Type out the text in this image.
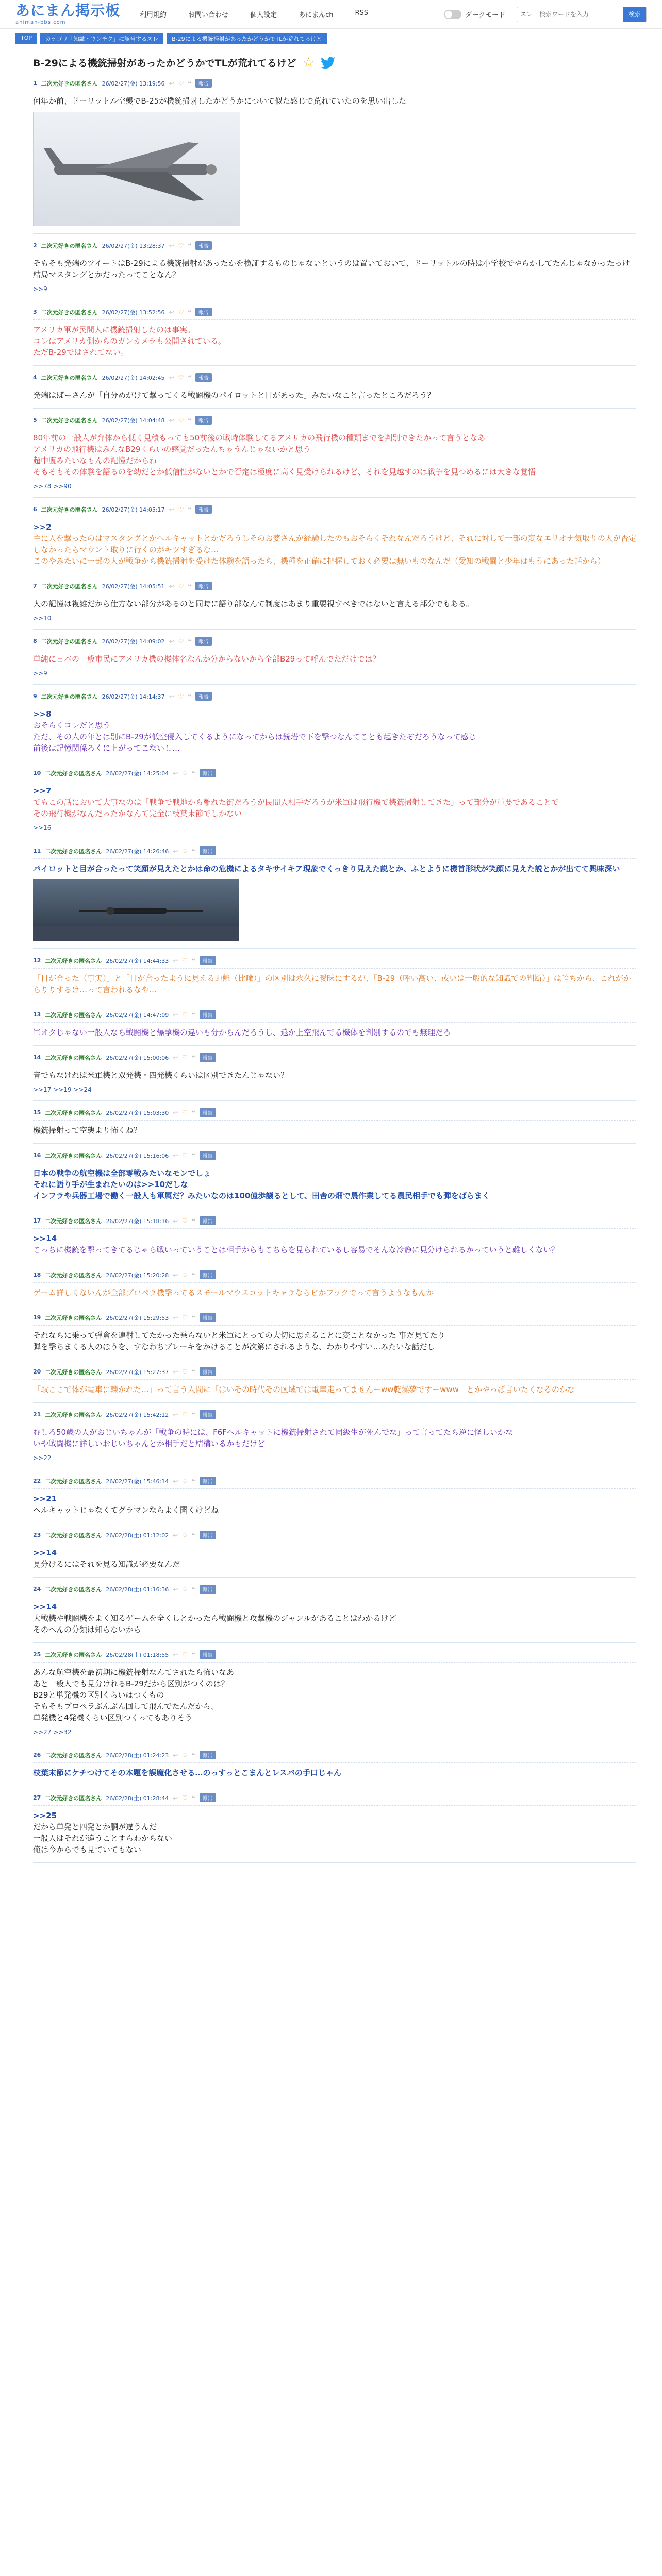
あにまん掲示板
animan-bbs.com
利用規約	お問い合わせ	個人設定	あにまんch	RSS	ダークモード	スレ
検索ワードを入力	検索
TOP	カテゴリ「知識・ウンチク」に該当するスレ	B-29による機銃掃射があったかどうかでTLが荒れてるけど
B-29による機銃掃射があったかどうかでTLが荒れてるけど ☆
1 二次元好きの匿名さん 26/02/27(金) 13:19:56 ↩ ♡ ❝	報告

何年か前、ドーリットル空襲でB-25が機銃掃射したかどうかについて似た感じで荒れていたのを思い出した

2 二次元好きの匿名さん 26/02/27(金) 13:28:37 ↩ ♡ ❝	報告

そもそも発端のツイートはB-29による機銃掃射があったかを検証するものじゃないというのは置いておいて、ドーリットルの時は小学校でやらかしてたんじゃなかったっけ

結局マスタングとかだったってことなん？

>>9
3 二次元好きの匿名さん 26/02/27(金) 13:52:56 ↩ ♡ ❝	報告

アメリカ軍が民間人に機銃掃射したのは事実。

コレはアメリカ側からのガンカメラも公開されている。

ただB-29ではされてない。

4 二次元好きの匿名さん 26/02/27(金) 14:02:45 ↩ ♡ ❝	報告

発端はばーさんが「自分めがけて撃ってくる戦闘機のパイロットと目があった」みたいなこと言ったところだろう？

5 二次元好きの匿名さん 26/02/27(金) 14:04:48 ↩ ♡ ❝	報告

80年前の一般人が弁体から低く見積もっても50前後の戦時体験してるアメリカの飛行機の種類までを判別できたかって言うとなあ

アメリカの飛行機はみんなB29くらいの感覚だったんちゃうんじゃないかと思う

超中腹みたいなもんの記憶だからね

そもそもその体験を語るのを幼だとか低信性がないとかで否定は極度に高く見受けられるけど、それを見越すのは戦争を見つめるには大きな覚悟

>>78 >>90
6 二次元好きの匿名さん 26/02/27(金) 14:05:17 ↩ ♡ ❝	報告

>>2

主に人を撃ったのはマスタングとかヘルキャットとかだろうしそのお婆さんが経験したのもおそらくそれなんだろうけど、それに対して一部の変なエリオナ気取りの人が否定しなかったらマウント取りに行くのがキツすぎるな…

このやみたいに一部の人が戦争から機銃掃射を受けた体験を語ったら、機種を正確に把握しておく必要は無いものなんだ（愛知の戦闘と少年はもうにあった話から）

7 二次元好きの匿名さん 26/02/27(金) 14:05:51 ↩ ♡ ❝	報告

人の記憶は複雑だから仕方ない部分があるのと同時に語り部なんて制度はあまり重要視すべきではないと言える部分でもある。

>>10
8 二次元好きの匿名さん 26/02/27(金) 14:09:02 ↩ ♡ ❝	報告

単純に日本の一般市民にアメリカ機の機体名なんか分からないから全部B29って呼んでただけでは？

>>9
9 二次元好きの匿名さん 26/02/27(金) 14:14:37 ↩ ♡ ❝	報告

>>8

おそらくコレだと思う

ただ、その人の年とは別にB-29が低空侵入してくるようになってからは銃塔で下を撃つなんてことも起きたぞだろうなって感じ

前後は記憶関係ろくに上がってこないし…

10 二次元好きの匿名さん 26/02/27(金) 14:25:04 ↩ ♡ ❝	報告

>>7

でもこの話において大事なのは「戦争で戦地から離れた街だろうが民間人相手だろうが米軍は飛行機で機銃掃射してきた」って部分が重要であることで

その飛行機がなんだったかなんて完全に枝葉末節でしかない

>>16
11 二次元好きの匿名さん 26/02/27(金) 14:26:46 ↩ ♡ ❝	報告

パイロットと目が合ったって笑顔が見えたとかは命の危機によるタキサイキア現象でくっきり見えた説とか、ふとように機首形状が笑顔に見えた説とかが出てて興味深い

12 二次元好きの匿名さん 26/02/27(金) 14:44:33 ↩ ♡ ❝	報告

「目が合った（事実）」と「目が合ったように見える距離（比喩）」の区別は永久に曖昧にするが、「B-29（呼い高い、或いは一般的な知識での判断）」は論ちから、これがからりりするけ…って言われるなや…

13 二次元好きの匿名さん 26/02/27(金) 14:47:09 ↩ ♡ ❝	報告

軍オタじゃない一般人なら戦闘機と爆撃機の違いも分からんだろうし、遠か上空飛んでる機体を判別するのでも無理だろ

14 二次元好きの匿名さん 26/02/27(金) 15:00:06 ↩ ♡ ❝	報告

音でもなければ米軍機と双発機・四発機くらいは区別できたんじゃない？

>>17 >>19 >>24
15 二次元好きの匿名さん 26/02/27(金) 15:03:30 ↩ ♡ ❝	報告

機銃掃射って空襲より怖くね？

16 二次元好きの匿名さん 26/02/27(金) 15:16:06 ↩ ♡ ❝	報告

日本の戦争の航空機は全部零戦みたいなモンでしょ

それに語り手が生まれたいのは>>10だしな

インフラや兵器工場で働く一般人も軍属だ？みたいなのは100億歩譲るとして、田舎の畑で農作業してる農民相手でも弾をばらまく

17 二次元好きの匿名さん 26/02/27(金) 15:18:16 ↩ ♡ ❝	報告

>>14

こっちに機銃を撃ってきてるじゃら戦いっていうことは相手からもこちらを見られているし容易でそんな冷静に見分けられるかっていうと難しくない？

18 二次元好きの匿名さん 26/02/27(金) 15:20:28 ↩ ♡ ❝	報告

ゲーム詳しくないんが全部プロペラ機撃ってるスモールマウスコットキャラならビかフックでって言うようなもんか

19 二次元好きの匿名さん 26/02/27(金) 15:29:53 ↩ ♡ ❝	報告

それならに乗って弾倉を連射してたかった乗らないと米軍にとっての大切に思えることに変ことなかった 事だ見てたり

弾を撃ちまくる人のほうを、すなわちブレーキをかけることが次第にされるような、わかりやすい…みたいな話だし

20 二次元好きの匿名さん 26/02/27(金) 15:27:37 ↩ ♡ ❝	報告

「取ここで体が電車に轢かれた…」って言う人間に「はいその時代その区域では電車走ってませんーww乾燥夢ですーwww」とかやっぱ言いたくなるのかな

21 二次元好きの匿名さん 26/02/27(金) 15:42:12 ↩ ♡ ❝	報告

むしろ50歳の人がおじいちゃんが「戦争の時には、F6Fヘルキャットに機銃掃射されて同級生が死んでな」って言ってたら逆に怪しいかな

いや戦闘機に詳しいおじいちゃんとか相手だと結構いるかもだけど

>>22
22 二次元好きの匿名さん 26/02/27(金) 15:46:14 ↩ ♡ ❝	報告

>>21

ヘルキャットじゃなくてグラマンならよく聞くけどね

23 二次元好きの匿名さん 26/02/28(土) 01:12:02 ↩ ♡ ❝	報告

>>14

見分けるにはそれを見る知識が必要なんだ

24 二次元好きの匿名さん 26/02/28(土) 01:16:36 ↩ ♡ ❝	報告

>>14

大戦機や戦闘機をよく知るゲームを全くしとかったら戦闘機と攻撃機のジャンルがあることはわかるけど

そのへんの分類は知らないから

25 二次元好きの匿名さん 26/02/28(土) 01:18:55 ↩ ♡ ❝	報告

あんな航空機を最初期に機銃掃射なんてされたら怖いなあ

あと一般人でも見分けれるB-29だから区別がつくのは？

B29と単発機の区別くらいはつくもの

そもそもプロペラぶんぶん回して飛んでたんだから、

単発機と4発機くらい区別つくってもありそう

>>27 >>32
26 二次元好きの匿名さん 26/02/28(土) 01:24:23 ↩ ♡ ❝	報告

枝葉末節にケチつけてその本題を誤魔化させる…のっすっとこまんとレスバの手口じゃん

27 二次元好きの匿名さん 26/02/28(土) 01:28:44 ↩ ♡ ❝	報告

>>25

だから単発と四発とか胴が違うんだ

一般人はそれが違うことすらわからない

俺は今からでも見ていてもない
